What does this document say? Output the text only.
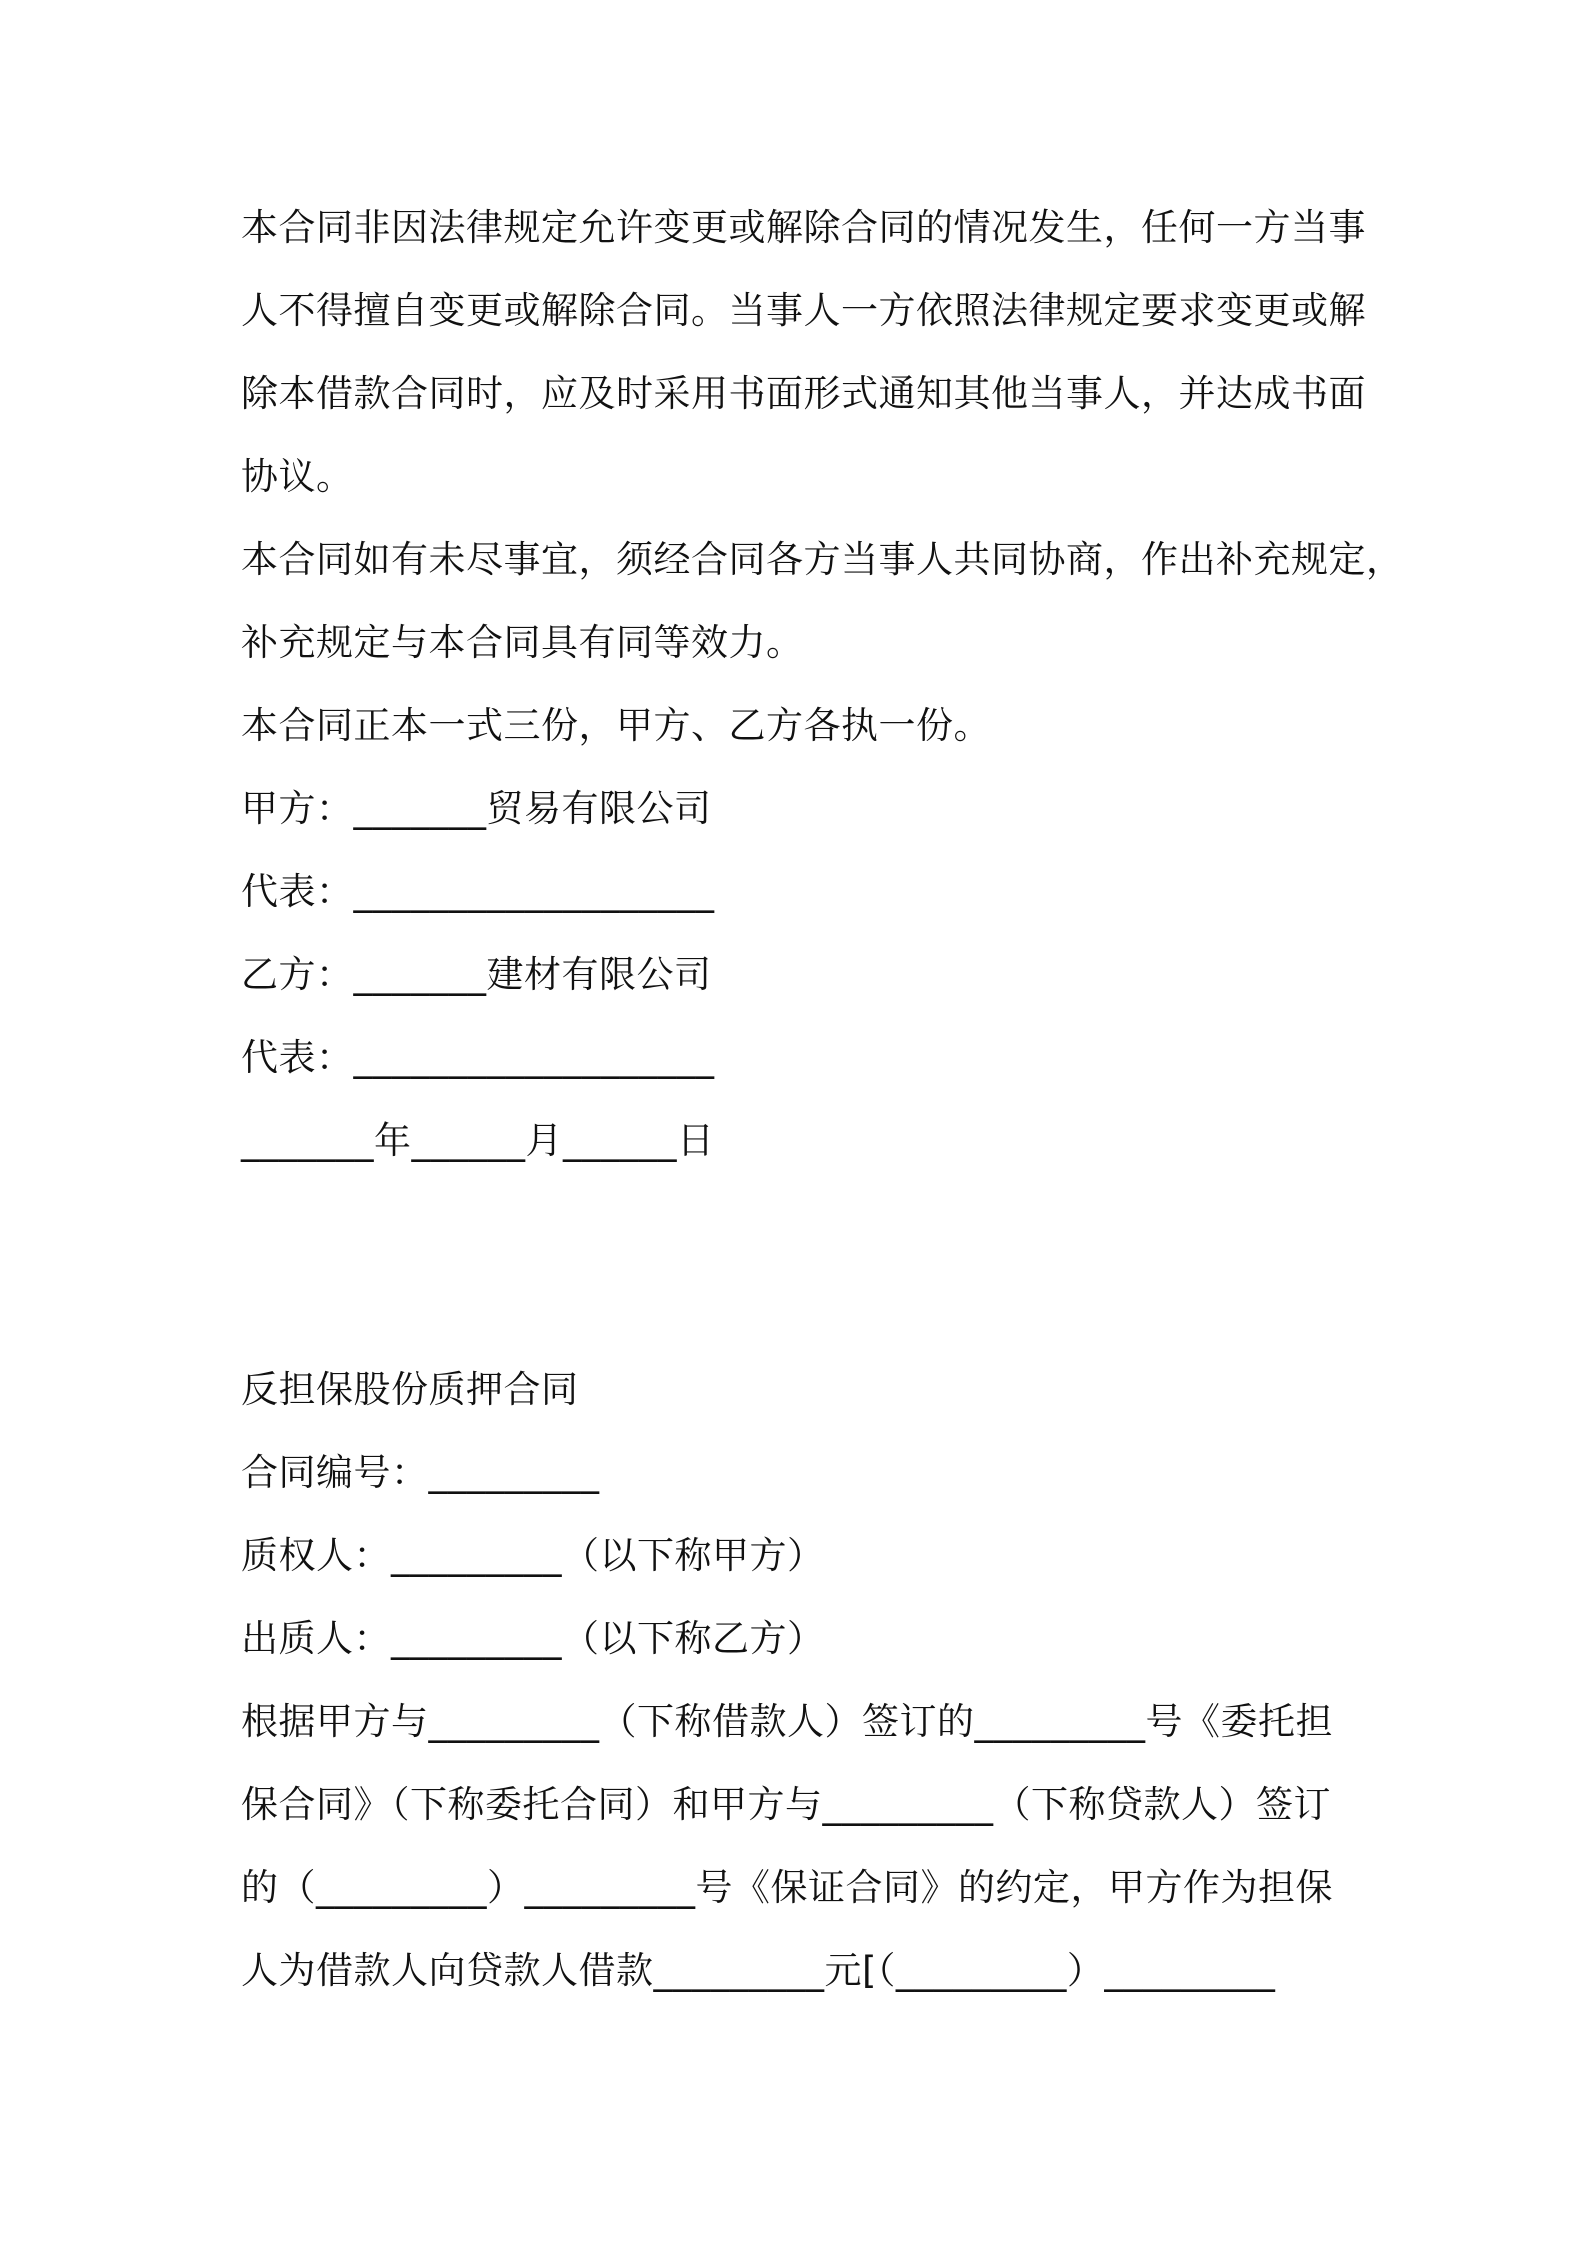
本合同非因法律规定允许变更或解除合同的情况发生，任何一方当事
人不得擅自变更或解除合同。当事人一方依照法律规定要求变更或解
除本借款合同时，应及时采用书面形式通知其他当事人，并达成书面
协议。
本合同如有未尽事宜，须经合同各方当事人共同协商，作出补充规定，
补充规定与本合同具有同等效力。
本合同正本一式三份，甲方、乙方各执一份。
甲方：_______贸易有限公司
代表：___________________
乙方：_______建材有限公司
代表：___________________
_______年______月______日
反担保股份质押合同
合同编号：_________
质权人：_________（以下称甲方）
出质人：_________（以下称乙方）
根据甲方与_________（下称借款人）签订的_________号《委托担
保合同》（下称委托合同）和甲方与_________（下称贷款人）签订
的（_________）_________号《保证合同》的约定，甲方作为担保
人为借款人向贷款人借款_________元[（_________）_________
